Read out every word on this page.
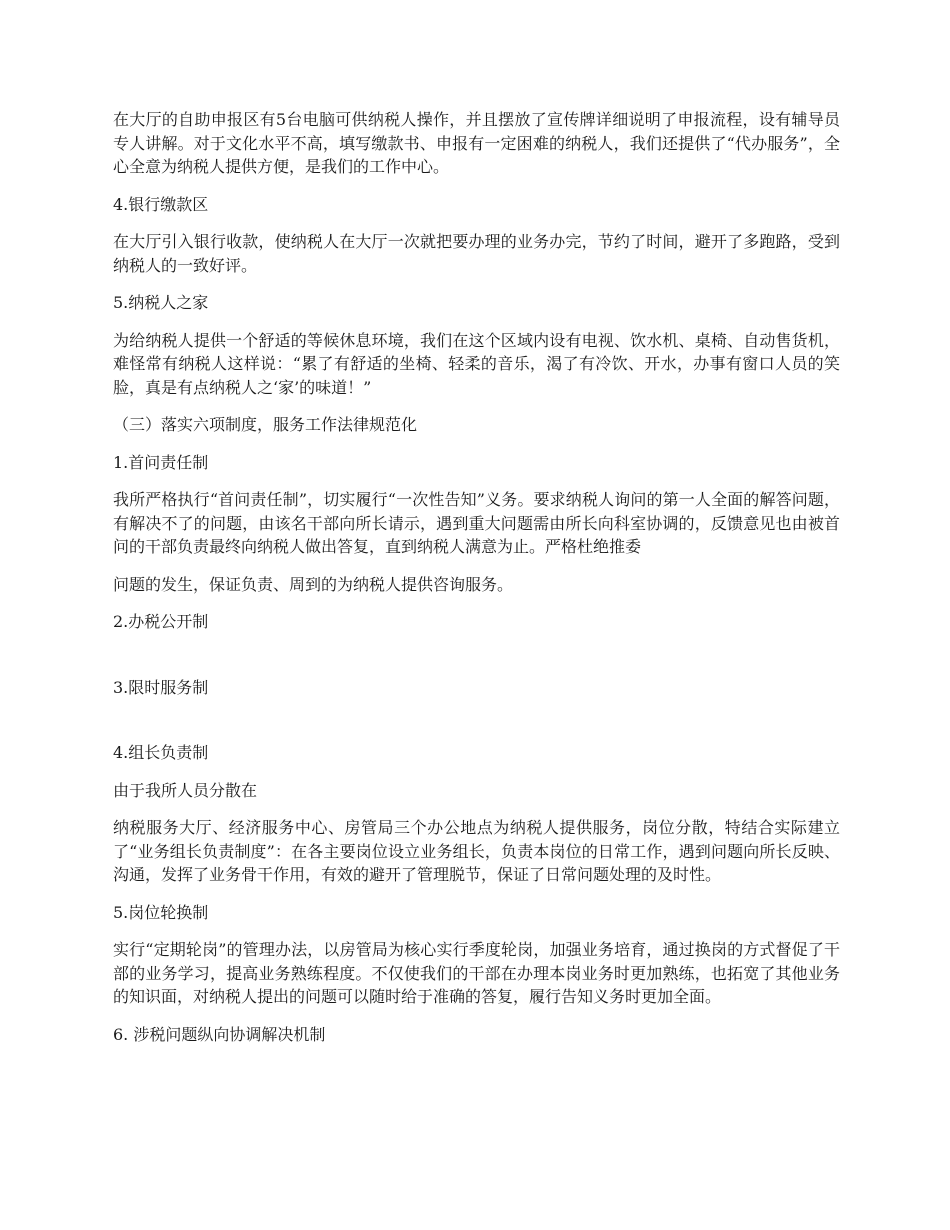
在大厅的自助申报区有5台电脑可供纳税人操作，并且摆放了宣传牌详细说明了申报流程，设有辅导员专人讲解。对于文化水平不高，填写缴款书、申报有一定困难的纳税人，我们还提供了“代办服务”，全心全意为纳税人提供方便，是我们的工作中心。

4.银行缴款区

在大厅引入银行收款，使纳税人在大厅一次就把要办理的业务办完，节约了时间，避开了多跑路，受到纳税人的一致好评。

5.纳税人之家

为给纳税人提供一个舒适的等候休息环境，我们在这个区域内设有电视、饮水机、桌椅、自动售货机，难怪常有纳税人这样说：“累了有舒适的坐椅、轻柔的音乐，渴了有冷饮、开水，办事有窗口人员的笑脸，真是有点纳税人之‘家’的味道！”

（三）落实六项制度，服务工作法律规范化

1.首问责任制

我所严格执行“首问责任制”，切实履行“一次性告知”义务。要求纳税人询问的第一人全面的解答问题，有解决不了的问题，由该名干部向所长请示，遇到重大问题需由所长向科室协调的，反馈意见也由被首问的干部负责最终向纳税人做出答复，直到纳税人满意为止。严格杜绝推委

问题的发生，保证负责、周到的为纳税人提供咨询服务。

2.办税公开制

3.限时服务制

4.组长负责制

由于我所人员分散在

纳税服务大厅、经济服务中心、房管局三个办公地点为纳税人提供服务，岗位分散，特结合实际建立了“业务组长负责制度”：在各主要岗位设立业务组长，负责本岗位的日常工作，遇到问题向所长反映、沟通，发挥了业务骨干作用，有效的避开了管理脱节，保证了日常问题处理的及时性。

5.岗位轮换制

实行“定期轮岗”的管理办法，以房管局为核心实行季度轮岗，加强业务培育，通过换岗的方式督促了干部的业务学习，提高业务熟练程度。不仅使我们的干部在办理本岗业务时更加熟练，也拓宽了其他业务的知识面，对纳税人提出的问题可以随时给于准确的答复，履行告知义务时更加全面。

6. 涉税问题纵向协调解决机制
